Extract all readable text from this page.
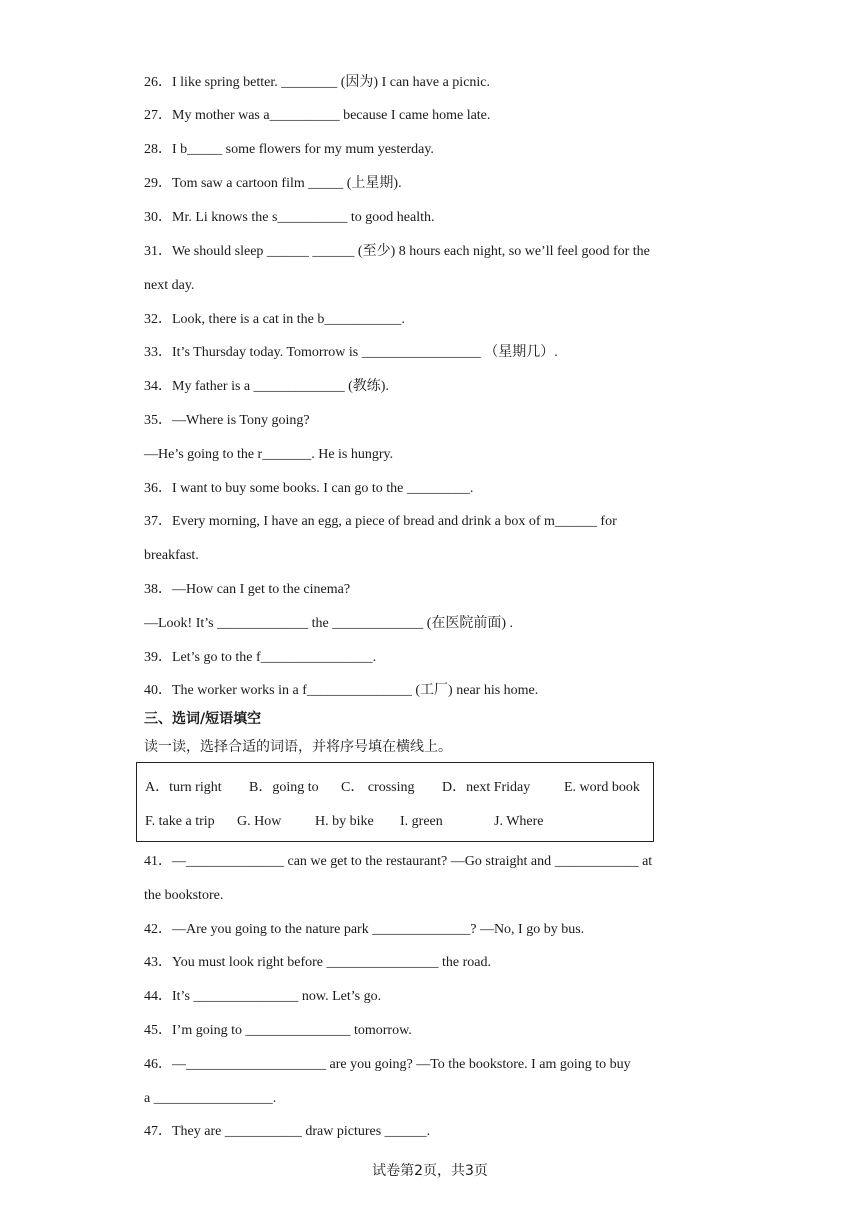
26．I like spring better. ________ (因为) I can have a picnic.
27．My mother was a__________ because I came home late.
28．I b_____ some flowers for my mum yesterday.
29．Tom saw a cartoon film _____ (上星期).
30．Mr. Li knows the s__________ to good health.
31．We should sleep ______ ______ (至少) 8 hours each night, so we’ll feel good for the
next day.
32．Look, there is a cat in the b___________.
33．It’s Thursday today. Tomorrow is _________________ （星期几）.
34．My father is a _____________ (教练).
35．—Where is Tony going?
—He’s going to the r_______. He is hungry.
36．I want to buy some books. I can go to the _________.
37．Every morning, I have an egg, a piece of bread and drink a box of m______ for
breakfast.
38．—How can I get to the cinema?
—Look! It’s _____________ the _____________ (在医院前面) .
39．Let’s go to the f________________.
40．The worker works in a f_______________ (工厂) near his home.
三、选词/短语填空
读一读，选择合适的词语，并将序号填在横线上。
A．turn right B．going to C． crossing D．next Friday E. word book
F. take a trip G. How H. by bike I. green	J. Where
41．—______________ can we get to the restaurant? —Go straight and ____________ at
the bookstore.
42．—Are you going to the nature park ______________? —No, I go by bus.
43．You must look right before ________________ the road.
44．It’s _______________ now. Let’s go.
45．I’m going to _______________ tomorrow.
46．—____________________ are you going? —To the bookstore. I am going to buy
a _________________.
47．They are ___________ draw pictures ______.
试卷第2页，共3页
